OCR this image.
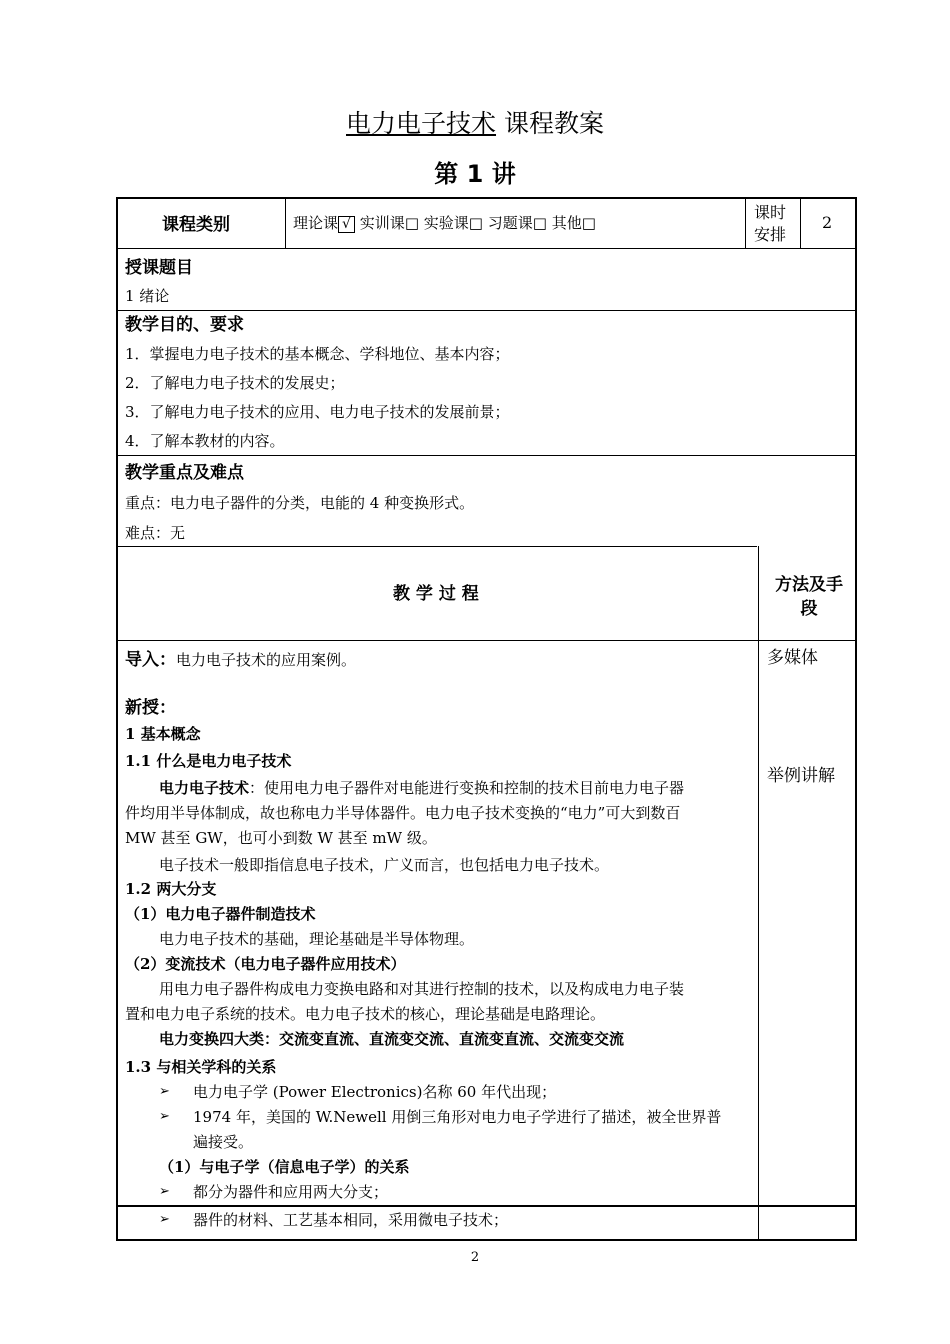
电力电子技术 课程教案
第 1 讲
课程类别	理论课 √ 实训课□ 实验课□ 习题课□ 其他□
课时
安排
2
授课题目
1 绪论
教学目的、要求
1．掌握电力电子技术的基本概念、学科地位、基本内容；
2．了解电力电子技术的发展史；
3．了解电力电子技术的应用、电力电子技术的发展前景；
4．了解本教材的内容。
教学重点及难点
重点：电力电子器件的分类，电能的 4 种变换形式。
难点：无
教 学 过 程	方法及手段
多媒体
举例讲解
导入：电力电子技术的应用案例。
新授：
1 基本概念
1.1 什么是电力电子技术
电力电子技术：使用电力电子器件对电能进行变换和控制的技术目前电力电子器
件均用半导体制成，故也称电力半导体器件。电力电子技术变换的“电力”可大到数百
MW 甚至 GW，也可小到数 W 甚至 mW 级。
电子技术一般即指信息电子技术，广义而言，也包括电力电子技术。
1.2 两大分支
（1）电力电子器件制造技术
电力电子技术的基础，理论基础是半导体物理。
（2）变流技术（电力电子器件应用技术）
用电力电子器件构成电力变换电路和对其进行控制的技术，以及构成电力电子装
置和电力电子系统的技术。电力电子技术的核心，理论基础是电路理论。
电力变换四大类：交流变直流、直流变交流、直流变直流、交流变交流
1.3 与相关学科的关系
➢ 电力电子学 (Power Electronics)名称 60 年代出现；
➢ 1974 年，美国的 W.Newell 用倒三角形对电力电子学进行了描述，被全世界普
遍接受。
（1）与电子学（信息电子学）的关系
➢ 都分为器件和应用两大分支；
➢ 器件的材料、工艺基本相同，采用微电子技术；
2
